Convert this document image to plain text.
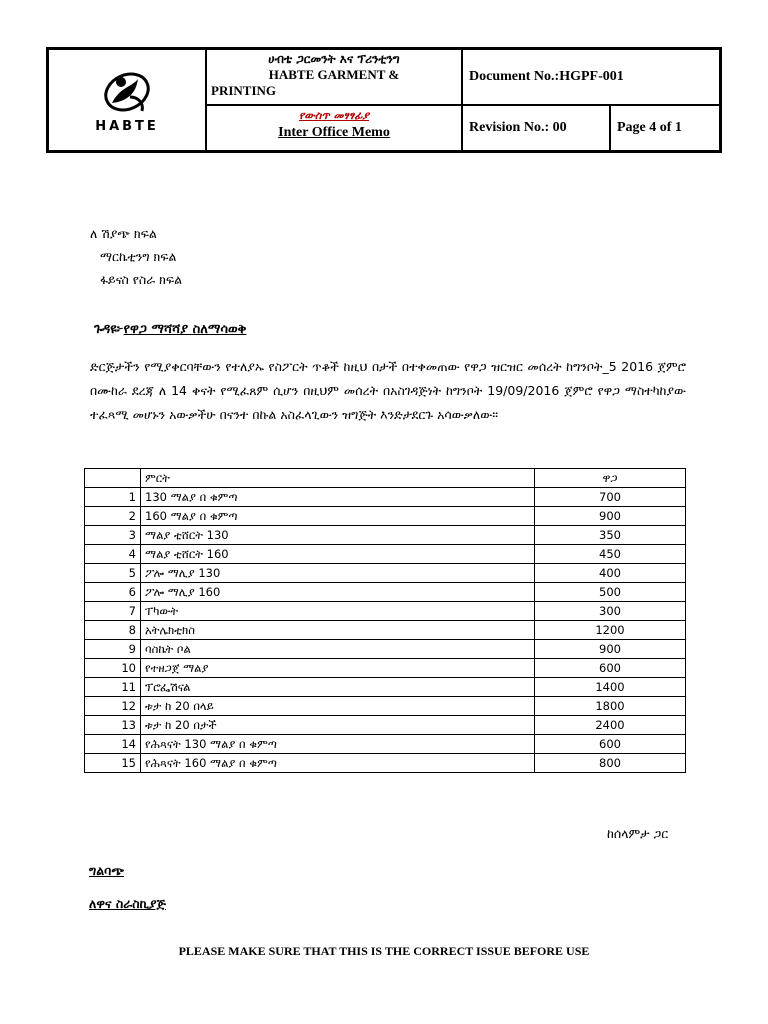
HABTE
ሀብቴ ጋርመንት እና ፕሪንቲንግ
HABTE GARMENT &
PRINTING
Document No.:HGPF-001
የውስጥ መፃፃፊያ
Inter Office Memo	Revision No.: 00	Page 4 of 1
ለ ሽያጭ ክፍል
ማርኬቲንግ ክፍል
ፋይናስ የስራ ክፍል
ጉዳዩ፦የዋጋ ማሻሻያ ስለማሳወቅ
ድርጅታችን የሚያቀርባቸውን የተለያኡ የስፖርት ጥቆች ከዚህ በታች በተቀመጠው የዋጋ ዝርዝር መሰረት ከግንቦት_5 2016 ጀምሮ በሙከራ ደረጃ ለ 14 ቀናት የሚፈጸም ሲሆን በዚህም መሰረት በአስገዳጅነት ከግንቦት 19/09/2016 ጀምሮ የዋጋ ማስተካከያው ተፈጻሚ መሆኑን አውቃችሁ በናንተ በኩል አስፈላጊውን ዝግጅት እንድታደርጉ አሳውቃለው።
	ምርት	ዋጋ
1	130 ማልያ በ ቁምጣ	700
2	160 ማልያ በ ቁምጣ	900
3	ማልያ ቲሸርት 130	350
4	ማልያ ቲሸርት 160	450
5	ፖሎ ማሊያ 130	400
6	ፖሎ ማሊያ 160	500
7	ፐካውት	300
8	አትሌክቲክስ	1200
9	ባስኬት ቦል	900
10	የተዘጋጀ ማልያ	600
11	ፕሮፌሽናል	1400
12	ቱታ ከ 20 በላይ	1800
13	ቱታ ከ 20 በታች	2400
14	የሕጻናት 130 ማልያ በ ቁምጣ	600
15	የሕጻናት 160 ማልያ በ ቁምጣ	800
ከሰላምታ ጋር
ግልባጭ
ለዋና ስራስኪያጅ
PLEASE MAKE SURE THAT THIS IS THE CORRECT ISSUE BEFORE USE
